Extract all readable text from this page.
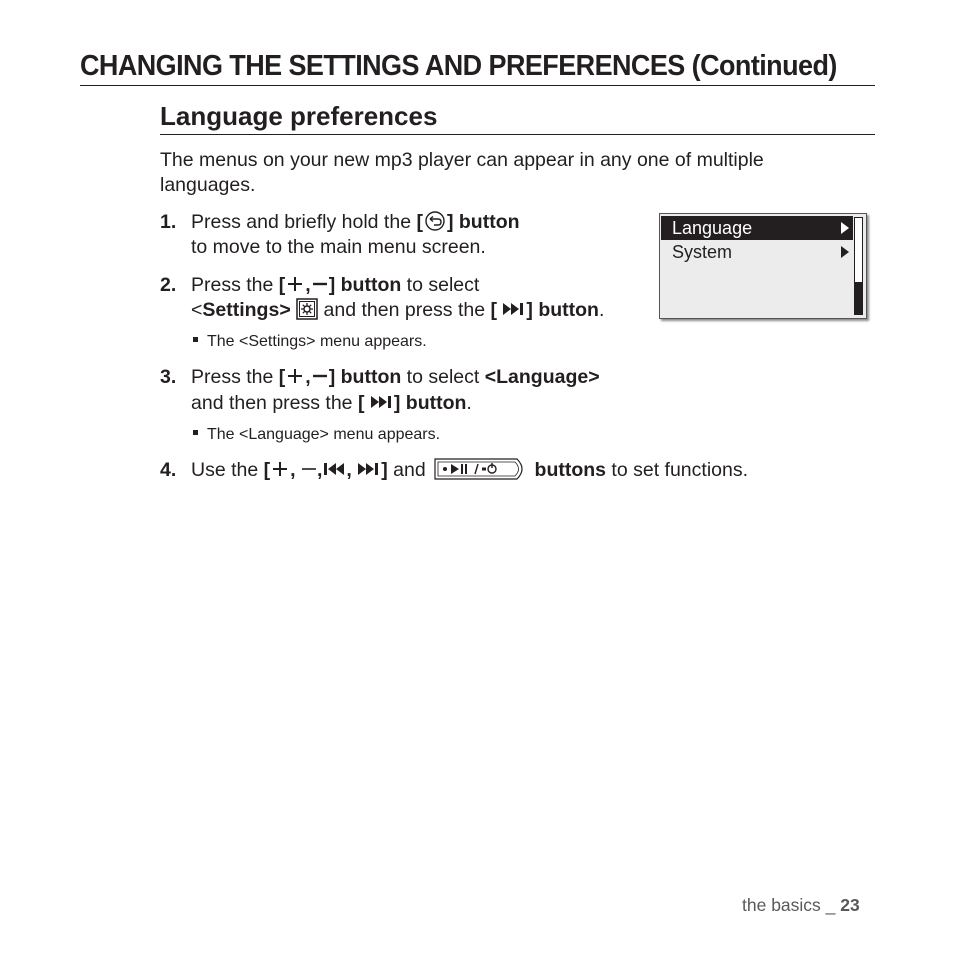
CHANGING THE SETTINGS AND PREFERENCES (Continued)
Language preferences
The menus on your new mp3 player can appear in any one of multiple
languages.
1. Press and briefly hold the [ ] button
to move to the main menu screen.
2. Press the [ , ] button to select
<Settings>  and then press the [ ] button.
The <Settings> menu appears.
3. Press the [ , ] button to select <Language>
and then press the [ ] button.
The <Language> menu appears.
4. Use the [ , , , ] and	buttons to set functions.
Language
System
the basics _ 23
